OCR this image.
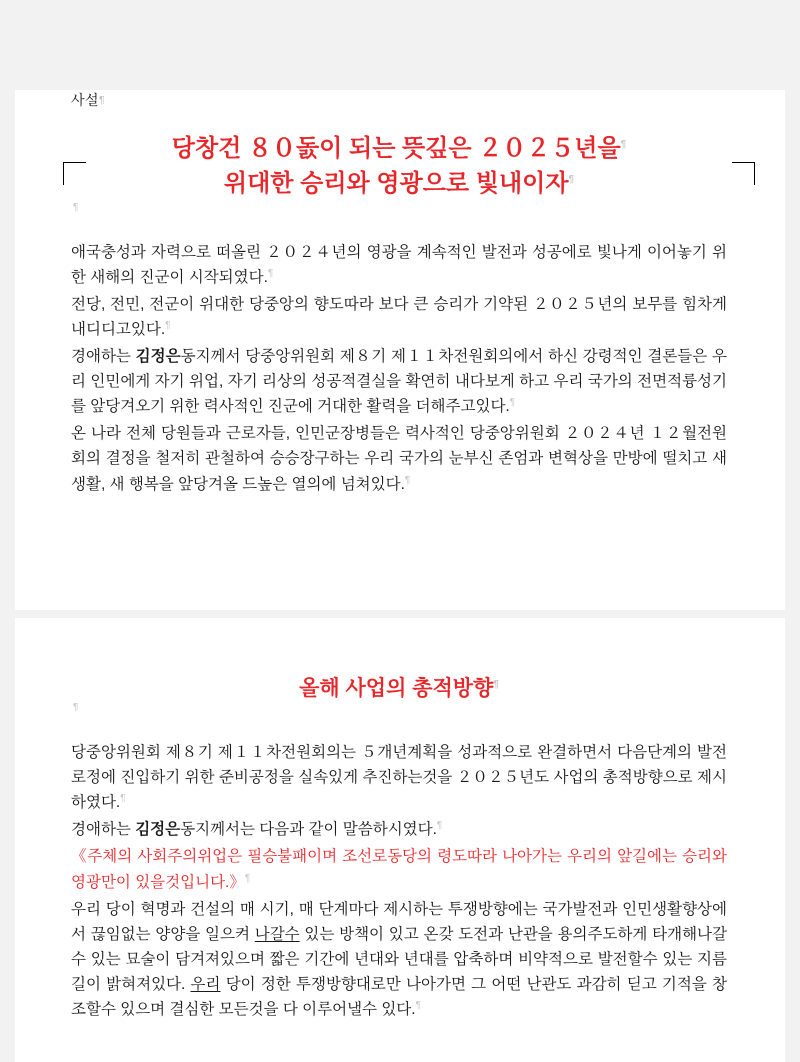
사설¶
당창건 ８０돐이 되는 뜻깊은 ２０２５년을¶
위대한 승리와 영광으로 빛내이자¶
¶

애국충성과 자력으로 떠올린 ２０２４년의 영광을 계속적인 발전과 성공에로 빛나게 이어놓기 위한 새해의 진군이 시작되였다.¶

전당, 전민, 전군이 위대한 당중앙의 향도따라 보다 큰 승리가 기약된 ２０２５년의 보무를 힘차게 내디디고있다.¶

경애하는 김정은동지께서 당중앙위원회 제８기 제１１차전원회의에서 하신 강령적인 결론들은 우리 인민에게 자기 위업, 자기 리상의 성공적결실을 확연히 내다보게 하고 우리 국가의 전면적륭성기를 앞당겨오기 위한 력사적인 진군에 거대한 활력을 더해주고있다.¶

온 나라 전체 당원들과 근로자들, 인민군장병들은 력사적인 당중앙위원회 ２０２４년 １２월전원회의 결정을 철저히 관철하여 승승장구하는 우리 국가의 눈부신 존엄과 변혁상을 만방에 떨치고 새 생활, 새 행복을 앞당겨올 드높은 열의에 넘쳐있다.¶

올해 사업의 총적방향¶
¶

당중앙위원회 제８기 제１１차전원회의는 ５개년계획을 성과적으로 완결하면서 다음단계의 발전로정에 진입하기 위한 준비공정을 실속있게 추진하는것을 ２０２５년도 사업의 총적방향으로 제시하였다.¶

경애하는 김정은동지께서는 다음과 같이 말씀하시였다.¶

《주체의 사회주의위업은 필승불패이며 조선로동당의 령도따라 나아가는 우리의 앞길에는 승리와 영광만이 있을것입니다.》¶

우리 당이 혁명과 건설의 매 시기, 매 단계마다 제시하는 투쟁방향에는 국가발전과 인민생활향상에서 끊임없는 양양을 일으켜 나갈수 있는 방책이 있고 온갖 도전과 난관을 용의주도하게 타개해나갈수 있는 묘술이 담겨져있으며 짧은 기간에 년대와 년대를 압축하며 비약적으로 발전할수 있는 지름길이 밝혀져있다. 우리 당이 정한 투쟁방향대로만 나아가면 그 어떤 난관도 과감히 딛고 기적을 창조할수 있으며 결심한 모든것을 다 이루어낼수 있다.¶
